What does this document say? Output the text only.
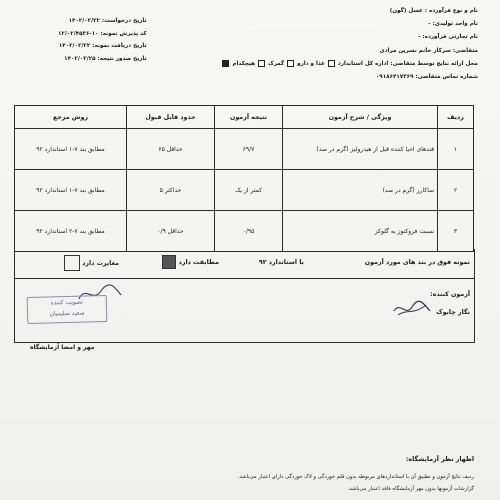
نام و نوع فرآورده : عسل (گون)
نام واحد تولیدی: -
نام تجارتی فرآورده: -
متقاضی: سرکار خانم نسرین مرادی
محل ارائه نتایج توسط متقاضی: اداره کل استاندارد  غذا و دارو  گمرک  هیچکدام
شماره تماس متقاضی: ۰۹۱۸۶۴۱۷۳۶۹
تاریخ درخواست: ۱۴۰۲/۰۲/۲۲
کد پذیرش نمونه: ۱۰-۱۲/۰۲/۴۵۳۶
تاریخ دریافت نمونه: ۱۴۰۲/۰۲/۲۲
تاریخ صدور نتیجه: ۱۴۰۲/۰۲/۲۵
ردیف	ویژگی / شرح آزمون	نتیجه آزمون	حدود قابل قبول	روش مرجع
۱	قندهای احیا کننده قبل از هیدرولیز (گرم در صد)	۶۹/۷	حداقل ۶۵	مطابق بند ۷-۱ استاندارد ۹۲
۲	ساکارز (گرم در صد)	کمتر از یک	حداکثر ۵	مطابق بند ۷-۱ استاندارد ۹۲
۳	نسبت فروکتوز به گلوکز	۰/۹۵	حداقل ۰/۹	مطابق بند ۷-۲ استاندارد ۹۲
نمونه فوق در بند های مورد آزمون
با استاندارد ۹۲
مطابقت دارد
مغایرت دارد
آزمون کننده:
نگار چابوک
تصویب کننده
سعید سلیمیان
مهر و امضا آزمایشگاه
اظهار نظر آزمایشگاه:
ردیف نتایج آزمون و تطبیق آن با استانداردهای مربوطه بدون قلم خوردگی و لاک خوردگی دارای اعتبار می‌باشد.
گزارشات آزمونها بدون مهر آزمایشگاه فاقد اعتبار می‌باشد.
